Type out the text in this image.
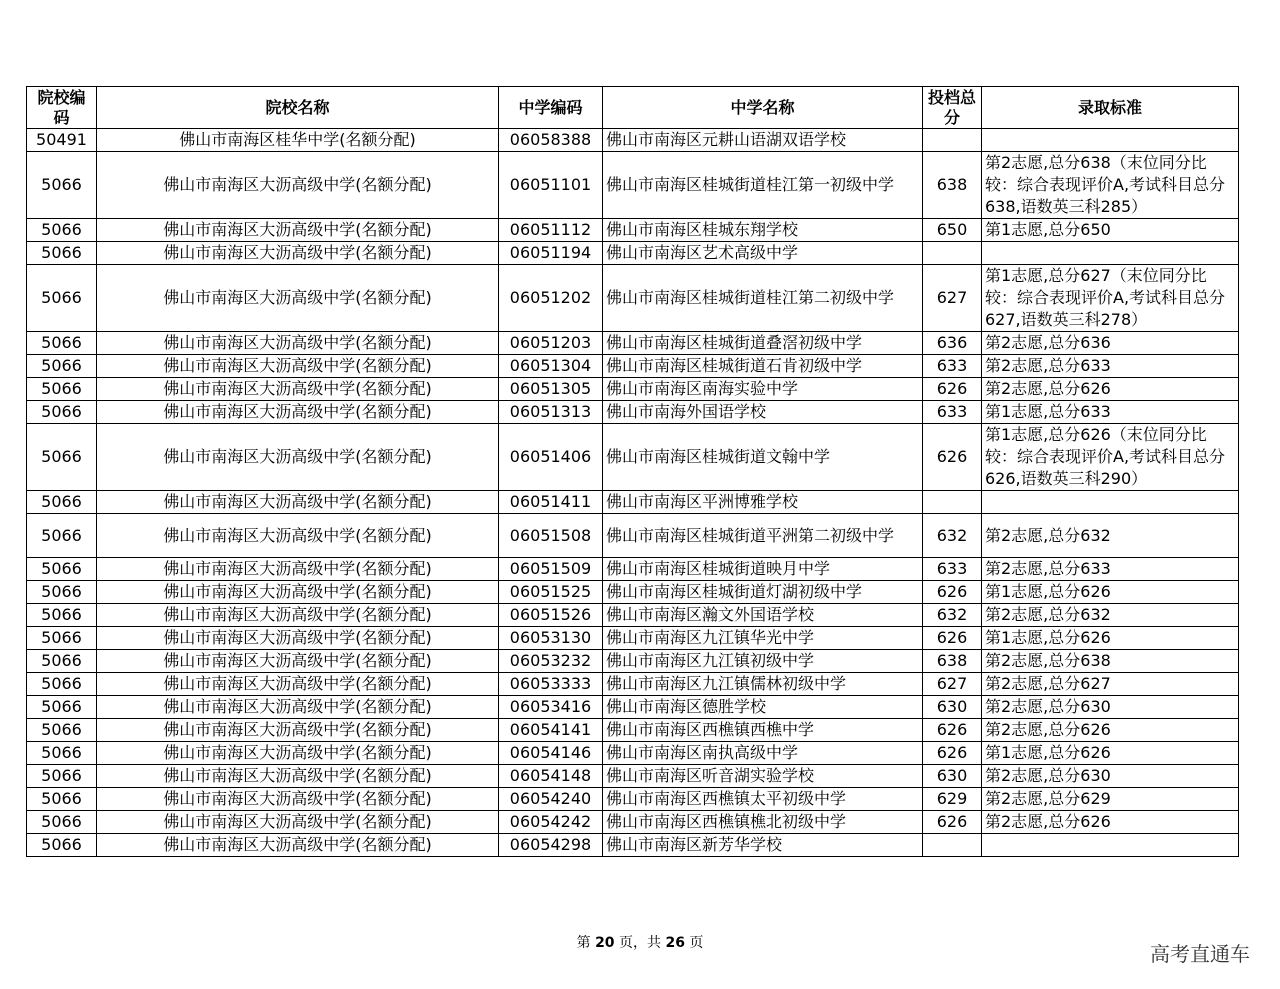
院校编码	院校名称	中学编码	中学名称	投档总分	录取标准
50491	佛山市南海区桂华中学(名额分配)	06058388	佛山市南海区元耕山语湖双语学校		
5066	佛山市南海区大沥高级中学(名额分配)	06051101	佛山市南海区桂城街道桂江第一初级中学	638	第2志愿,总分638（末位同分比较：综合表现评价A,考试科目总分638,语数英三科285）
5066	佛山市南海区大沥高级中学(名额分配)	06051112	佛山市南海区桂城东翔学校	650	第1志愿,总分650
5066	佛山市南海区大沥高级中学(名额分配)	06051194	佛山市南海区艺术高级中学		
5066	佛山市南海区大沥高级中学(名额分配)	06051202	佛山市南海区桂城街道桂江第二初级中学	627	第1志愿,总分627（末位同分比较：综合表现评价A,考试科目总分627,语数英三科278）
5066	佛山市南海区大沥高级中学(名额分配)	06051203	佛山市南海区桂城街道叠滘初级中学	636	第2志愿,总分636
5066	佛山市南海区大沥高级中学(名额分配)	06051304	佛山市南海区桂城街道石肯初级中学	633	第2志愿,总分633
5066	佛山市南海区大沥高级中学(名额分配)	06051305	佛山市南海区南海实验中学	626	第2志愿,总分626
5066	佛山市南海区大沥高级中学(名额分配)	06051313	佛山市南海外国语学校	633	第1志愿,总分633
5066	佛山市南海区大沥高级中学(名额分配)	06051406	佛山市南海区桂城街道文翰中学	626	第1志愿,总分626（末位同分比较：综合表现评价A,考试科目总分626,语数英三科290）
5066	佛山市南海区大沥高级中学(名额分配)	06051411	佛山市南海区平洲博雅学校		
5066	佛山市南海区大沥高级中学(名额分配)	06051508	佛山市南海区桂城街道平洲第二初级中学	632	第2志愿,总分632
5066	佛山市南海区大沥高级中学(名额分配)	06051509	佛山市南海区桂城街道映月中学	633	第2志愿,总分633
5066	佛山市南海区大沥高级中学(名额分配)	06051525	佛山市南海区桂城街道灯湖初级中学	626	第1志愿,总分626
5066	佛山市南海区大沥高级中学(名额分配)	06051526	佛山市南海区瀚文外国语学校	632	第2志愿,总分632
5066	佛山市南海区大沥高级中学(名额分配)	06053130	佛山市南海区九江镇华光中学	626	第1志愿,总分626
5066	佛山市南海区大沥高级中学(名额分配)	06053232	佛山市南海区九江镇初级中学	638	第2志愿,总分638
5066	佛山市南海区大沥高级中学(名额分配)	06053333	佛山市南海区九江镇儒林初级中学	627	第2志愿,总分627
5066	佛山市南海区大沥高级中学(名额分配)	06053416	佛山市南海区德胜学校	630	第2志愿,总分630
5066	佛山市南海区大沥高级中学(名额分配)	06054141	佛山市南海区西樵镇西樵中学	626	第2志愿,总分626
5066	佛山市南海区大沥高级中学(名额分配)	06054146	佛山市南海区南执高级中学	626	第1志愿,总分626
5066	佛山市南海区大沥高级中学(名额分配)	06054148	佛山市南海区听音湖实验学校	630	第2志愿,总分630
5066	佛山市南海区大沥高级中学(名额分配)	06054240	佛山市南海区西樵镇太平初级中学	629	第2志愿,总分629
5066	佛山市南海区大沥高级中学(名额分配)	06054242	佛山市南海区西樵镇樵北初级中学	626	第2志愿,总分626
5066	佛山市南海区大沥高级中学(名额分配)	06054298	佛山市南海区新芳华学校		
第 20 页，共 26 页	高考直通车
